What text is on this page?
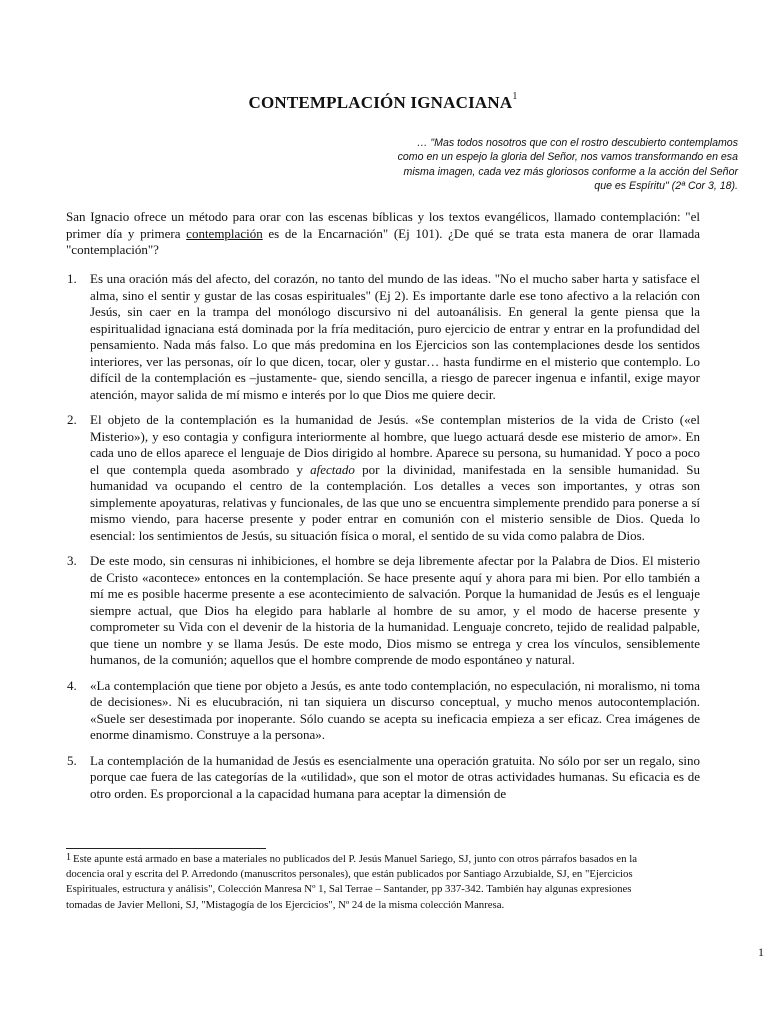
CONTEMPLACIÓN IGNACIANA$^1$
… "Mas todos nosotros que con el rostro descubierto contemplamos
como en un espejo la gloria del Señor, nos vamos transformando en esa
misma imagen, cada vez más gloriosos conforme a la acción del Señor
que es Espíritu" (2ª Cor 3, 18).

San Ignacio ofrece un método para orar con las escenas bíblicas y los textos evangélicos, llamado contemplación: "el primer día y primera contemplación es de la Encarnación" (Ej 101). ¿De qué se trata esta manera de orar llamada "contemplación"?

1. Es una oración más del afecto, del corazón, no tanto del mundo de las ideas. "No el mucho saber harta y satisface el alma, sino el sentir y gustar de las cosas espirituales" (Ej 2). Es importante darle ese tono afectivo a la relación con Jesús, sin caer en la trampa del monólogo discursivo ni del autoanálisis. En general la gente piensa que la espiritualidad ignaciana está dominada por la fría meditación, puro ejercicio de entrar y entrar en la profundidad del pensamiento. Nada más falso. Lo que más predomina en los Ejercicios son las contemplaciones desde los sentidos interiores, ver las personas, oír lo que dicen, tocar, oler y gustar… hasta fundirme en el misterio que contemplo. Lo difícil de la contemplación es –justamente- que, siendo sencilla, a riesgo de parecer ingenua e infantil, exige mayor atención, mayor salida de mí mismo e interés por lo que Dios me quiere decir.
2. El objeto de la contemplación es la humanidad de Jesús. «Se contemplan misterios de la vida de Cristo («el Misterio»), y eso contagia y configura interiormente al hombre, que luego actuará desde ese misterio de amor». En cada uno de ellos aparece el lenguaje de Dios dirigido al hombre. Aparece su persona, su humanidad. Y poco a poco el que contempla queda asombrado y afectado por la divinidad, manifestada en la sensible humanidad. Su humanidad va ocupando el centro de la contemplación. Los detalles a veces son importantes, y otras son simplemente apoyaturas, relativas y funcionales, de las que uno se encuentra simplemente prendido para ponerse a sí mismo viendo, para hacerse presente y poder entrar en comunión con el misterio sensible de Dios. Queda lo esencial: los sentimientos de Jesús, su situación física o moral, el sentido de su vida como palabra de Dios.
3. De este modo, sin censuras ni inhibiciones, el hombre se deja libremente afectar por la Palabra de Dios. El misterio de Cristo «acontece» entonces en la contemplación. Se hace presente aquí y ahora para mi bien. Por ello también a mí me es posible hacerme presente a ese acontecimiento de salvación. Porque la humanidad de Jesús es el lenguaje siempre actual, que Dios ha elegido para hablarle al hombre de su amor, y el modo de hacerse presente y comprometer su Vida con el devenir de la historia de la humanidad. Lenguaje concreto, tejido de realidad palpable, que tiene un nombre y se llama Jesús. De este modo, Dios mismo se entrega y crea los vínculos, sensiblemente humanos, de la comunión; aquellos que el hombre comprende de modo espontáneo y natural.
4. «La contemplación que tiene por objeto a Jesús, es ante todo contemplación, no especulación, ni moralismo, ni toma de decisiones». Ni es elucubración, ni tan siquiera un discurso conceptual, y mucho menos autocontemplación. «Suele ser desestimada por inoperante. Sólo cuando se acepta su ineficacia empieza a ser eficaz. Crea imágenes de enorme dinamismo. Construye a la persona».
5. La contemplación de la humanidad de Jesús es esencialmente una operación gratuita. No sólo por ser un regalo, sino porque cae fuera de las categorías de la «utilidad», que son el motor de otras actividades humanas. Su eficacia es de otro orden. Es proporcional a la capacidad humana para aceptar la dimensión de
$^1$ Este apunte está armado en base a materiales no publicados del P. Jesús Manuel Sariego, SJ, junto con otros párrafos basados en la docencia oral y escrita del P. Arredondo (manuscritos personales), que están publicados por Santiago Arzubialde, SJ, en "Ejercicios Espirituales, estructura y análisis", Colección Manresa Nº 1, Sal Terrae – Santander, pp 337-342. También hay algunas expresiones tomadas de Javier Melloni, SJ, "Mistagogía de los Ejercicios", Nº 24 de la misma colección Manresa.
1
